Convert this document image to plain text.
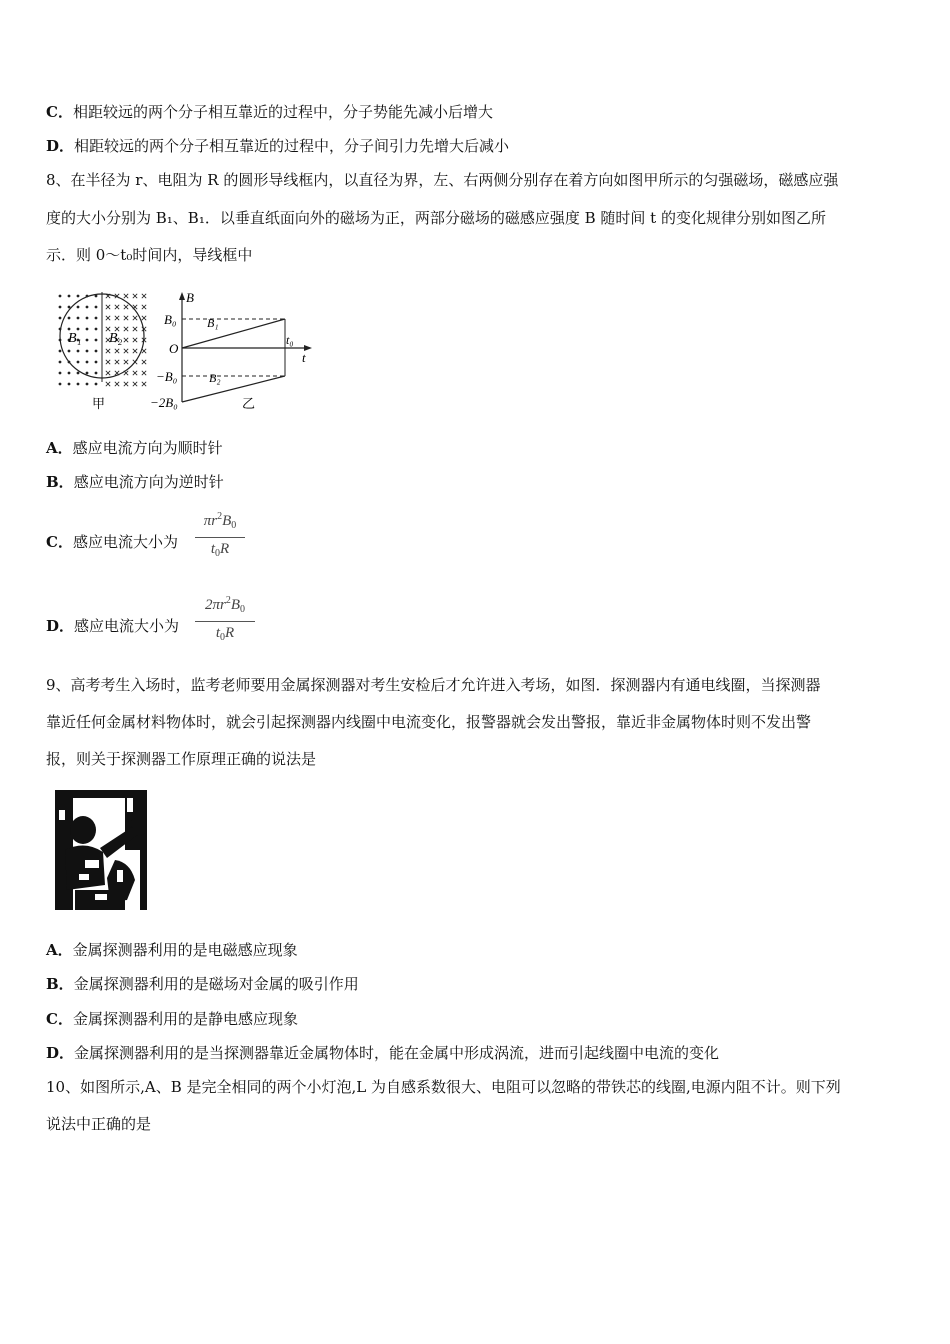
C．相距较远的两个分子相互靠近的过程中，分子势能先减小后增大
D．相距较远的两个分子相互靠近的过程中，分子间引力先增大后减小
8、在半径为 r、电阻为 R 的圆形导线框内，以直径为界，左、右两侧分别存在着方向如图甲所示的匀强磁场，磁感应强
度的大小分别为 B₁、B₁．以垂直纸面向外的磁场为正，两部分磁场的磁感应强度 B 随时间 t 的变化规律分别如图乙所
示．则 0～t₀时间内，导线框中
B₁ B₂
甲
B
t
O
B₀
−B₀
−2B₀
t₀
B₁
B₂
乙
A．感应电流方向为顺时针
B．感应电流方向为逆时针
C．感应电流大小为
$\pi r^2B_0$
$t_0R$
D．感应电流大小为
$2\pi r^2B_0$
$t_0R$
9、高考考生入场时，监考老师要用金属探测器对考生安检后才允许进入考场，如图．探测器内有通电线圈，当探测器
靠近任何金属材料物体时，就会引起探测器内线圈中电流变化，报警器就会发出警报，靠近非金属物体时则不发出警
报，则关于探测器工作原理正确的说法是
A．金属探测器利用的是电磁感应现象
B．金属探测器利用的是磁场对金属的吸引作用
C．金属探测器利用的是静电感应现象
D．金属探测器利用的是当探测器靠近金属物体时，能在金属中形成涡流，进而引起线圈中电流的变化
10、如图所示,A、B 是完全相同的两个小灯泡,L 为自感系数很大、电阻可以忽略的带铁芯的线圈,电源内阻不计。则下列
说法中正确的是
